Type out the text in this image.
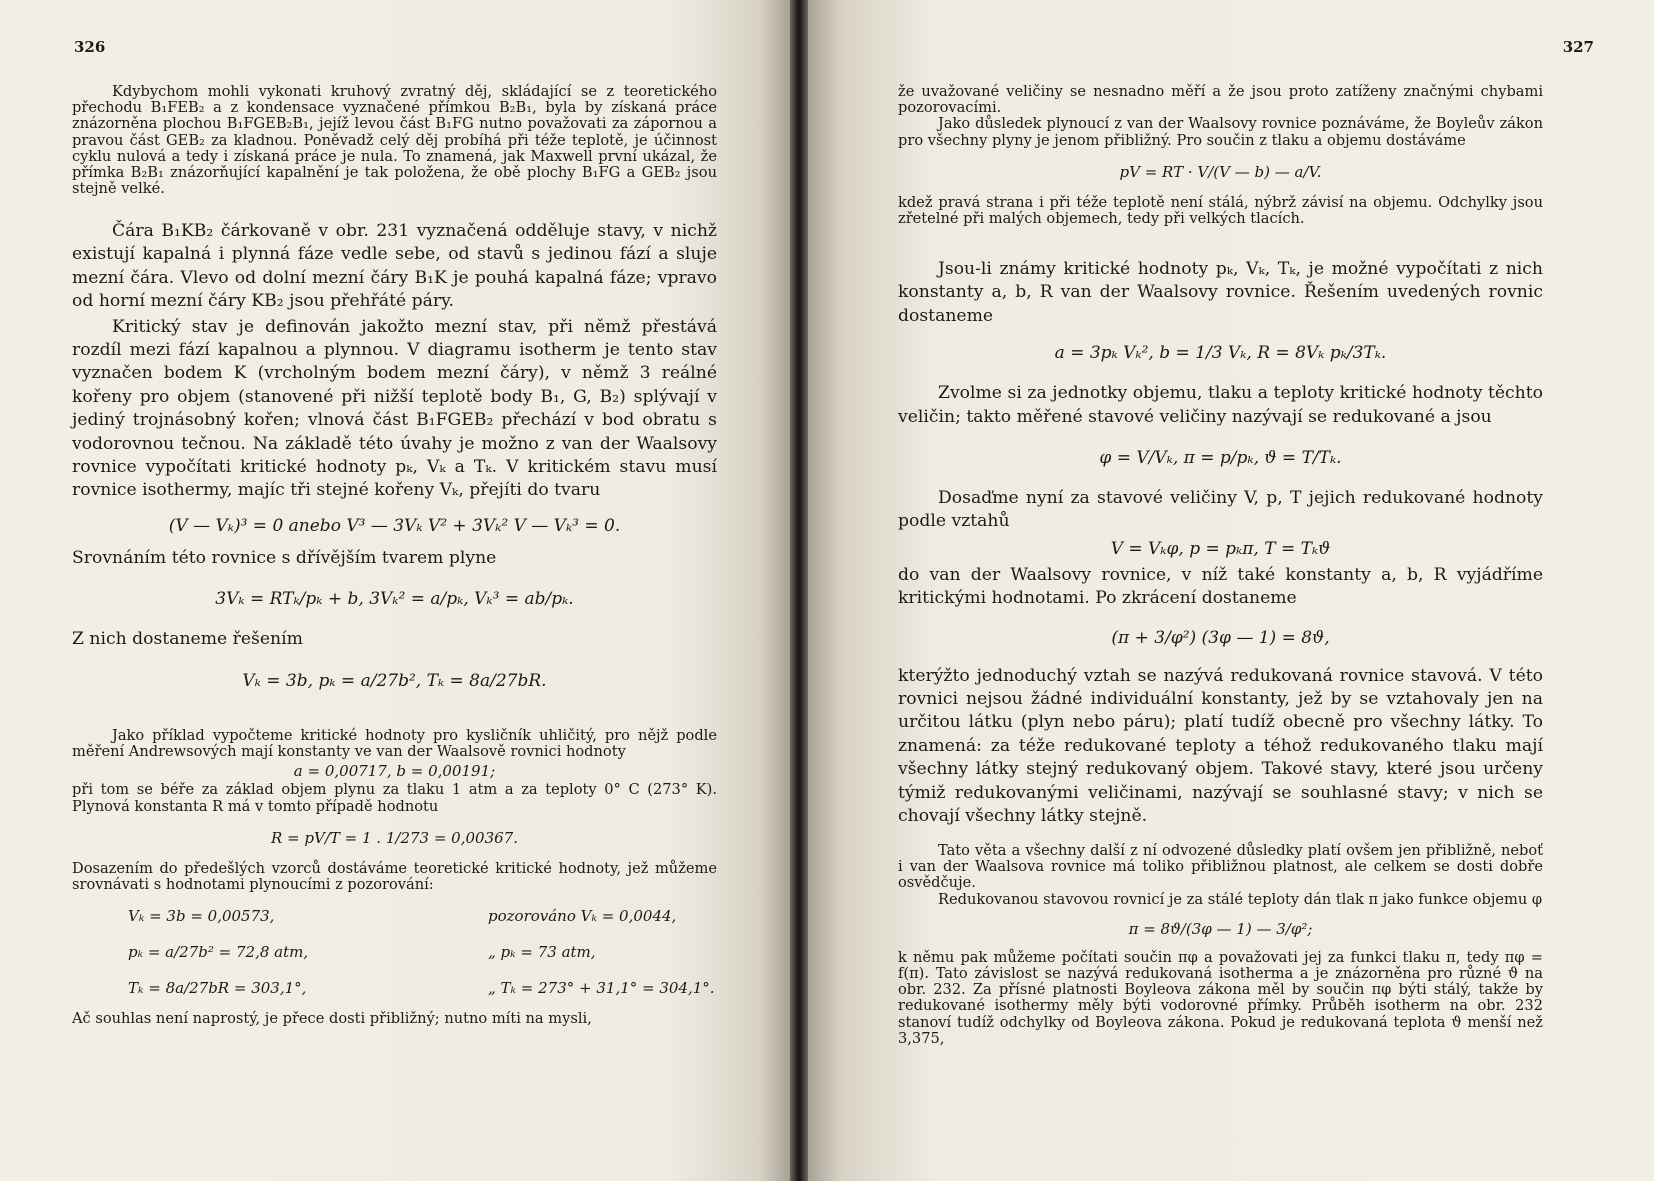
326

Kdybychom mohli vykonati kruhový zvratný děj, skládající se z teoretického přechodu B₁FEB₂ a z kondensace vyznačené přímkou B₂B₁, byla by získaná práce znázorněna plochou B₁FGEB₂B₁, jejíž levou část B₁FG nutno považovati za zápornou a pravou část GEB₂ za kladnou. Poněvadž celý děj probíhá při téže teplotě, je účinnost cyklu nulová a tedy i získaná práce je nula. To znamená, jak Maxwell první ukázal, že přímka B₂B₁ znázorňující kapalnění je tak položena, že obě plochy B₁FG a GEB₂ jsou stejně velké.

Čára B₁KB₂ čárkovaně v obr. 231 vyznačená odděluje stavy, v nichž existují kapalná i plynná fáze vedle sebe, od stavů s jedinou fází a sluje mezní čára. Vlevo od dolní mezní čáry B₁K je pouhá kapalná fáze; vpravo od horní mezní čáry KB₂ jsou přehřáté páry.

Kritický stav je definován jakožto mezní stav, při němž přestává rozdíl mezi fází kapalnou a plynnou. V diagramu isotherm je tento stav vyznačen bodem K (vrcholným bodem mezní čáry), v němž 3 reálné kořeny pro objem (stanovené při nižší teplotě body B₁, G, B₂) splývají v jediný trojnásobný kořen; vlnová část B₁FGEB₂ přechází v bod obratu s vodorovnou tečnou. Na základě této úvahy je možno z van der Waalsovy rovnice vypočítati kritické hodnoty pₖ, Vₖ a Tₖ. V kritickém stavu musí rovnice isothermy, majíc tři stejné kořeny Vₖ, přejíti do tvaru

(V — Vₖ)³ = 0 anebo V³ — 3Vₖ V² + 3Vₖ² V — Vₖ³ = 0.

Srovnáním této rovnice s dřívějším tvarem plyne

3Vₖ = RTₖ/pₖ + b, 3Vₖ² = a/pₖ, Vₖ³ = ab/pₖ.

Z nich dostaneme řešením

Vₖ = 3b, pₖ = a/27b², Tₖ = 8a/27bR.

Jako příklad vypočteme kritické hodnoty pro kysličník uhličitý, pro nějž podle měření Andrewsových mají konstanty ve van der Waalsově rovnici hodnoty

a = 0,00717, b = 0,00191;

při tom se béře za základ objem plynu za tlaku 1 atm a za teploty 0° C (273° K). Plynová konstanta R má v tomto případě hodnotu

R = pV/T = 1 . 1/273 = 0,00367.

Dosazením do předešlých vzorců dostáváme teoretické kritické hodnoty, jež můžeme srovnávati s hodnotami plynoucími z pozorování:

Vₖ = 3b = 0,00573,	pozorováno Vₖ = 0,0044,
pₖ = a/27b² = 72,8 atm,	„ pₖ = 73 atm,
Tₖ = 8a/27bR = 303,1°,	„ Tₖ = 273° + 31,1° = 304,1°.

Ač souhlas není naprostý, je přece dosti přibližný; nutno míti na mysli,

327

že uvažované veličiny se nesnadno měří a že jsou proto zatíženy značnými chybami pozorovacími.

Jako důsledek plynoucí z van der Waalsovy rovnice poznáváme, že Boyleův zákon pro všechny plyny je jenom přibližný. Pro součin z tlaku a objemu dostáváme

pV = RT · V/(V — b) — a/V.

kdež pravá strana i při téže teplotě není stálá, nýbrž závisí na objemu. Odchylky jsou zřetelné při malých objemech, tedy při velkých tlacích.

Jsou-li známy kritické hodnoty pₖ, Vₖ, Tₖ, je možné vypočítati z nich konstanty a, b, R van der Waalsovy rovnice. Řešením uvedených rovnic dostaneme

a = 3pₖ Vₖ², b = 1/3 Vₖ, R = 8Vₖ pₖ/3Tₖ.

Zvolme si za jednotky objemu, tlaku a teploty kritické hodnoty těchto veličin; takto měřené stavové veličiny nazývají se redukované a jsou

φ = V/Vₖ, π = p/pₖ, ϑ = T/Tₖ.

Dosaďme nyní za stavové veličiny V, p, T jejich redukované hodnoty podle vztahů

V = Vₖφ, p = pₖπ, T = Tₖϑ

do van der Waalsovy rovnice, v níž také konstanty a, b, R vyjádříme kritickými hodnotami. Po zkrácení dostaneme

(π + 3/φ²) (3φ — 1) = 8ϑ,

kterýžto jednoduchý vztah se nazývá redukovaná rovnice stavová. V této rovnici nejsou žádné individuální konstanty, jež by se vztahovaly jen na určitou látku (plyn nebo páru); platí tudíž obecně pro všechny látky. To znamená: za téže redukované teploty a téhož redukovaného tlaku mají všechny látky stejný redukovaný objem. Takové stavy, které jsou určeny týmiž redukovanými veličinami, nazývají se souhlasné stavy; v nich se chovají všechny látky stejně.

Tato věta a všechny další z ní odvozené důsledky platí ovšem jen přibližně, neboť i van der Waalsova rovnice má toliko přibližnou platnost, ale celkem se dosti dobře osvědčuje.

Redukovanou stavovou rovnicí je za stálé teploty dán tlak π jako funkce objemu φ

π = 8ϑ/(3φ — 1) — 3/φ²;

k němu pak můžeme počítati součin πφ a považovati jej za funkci tlaku π, tedy πφ = f(π). Tato závislost se nazývá redukovaná isotherma a je znázorněna pro různé ϑ na obr. 232. Za přísné platnosti Boyleova zákona měl by součin πφ býti stálý, takže by redukované isothermy měly býti vodorovné přímky. Průběh isotherm na obr. 232 stanoví tudíž odchylky od Boyleova zákona. Pokud je redukovaná teplota ϑ menší než 3,375,
